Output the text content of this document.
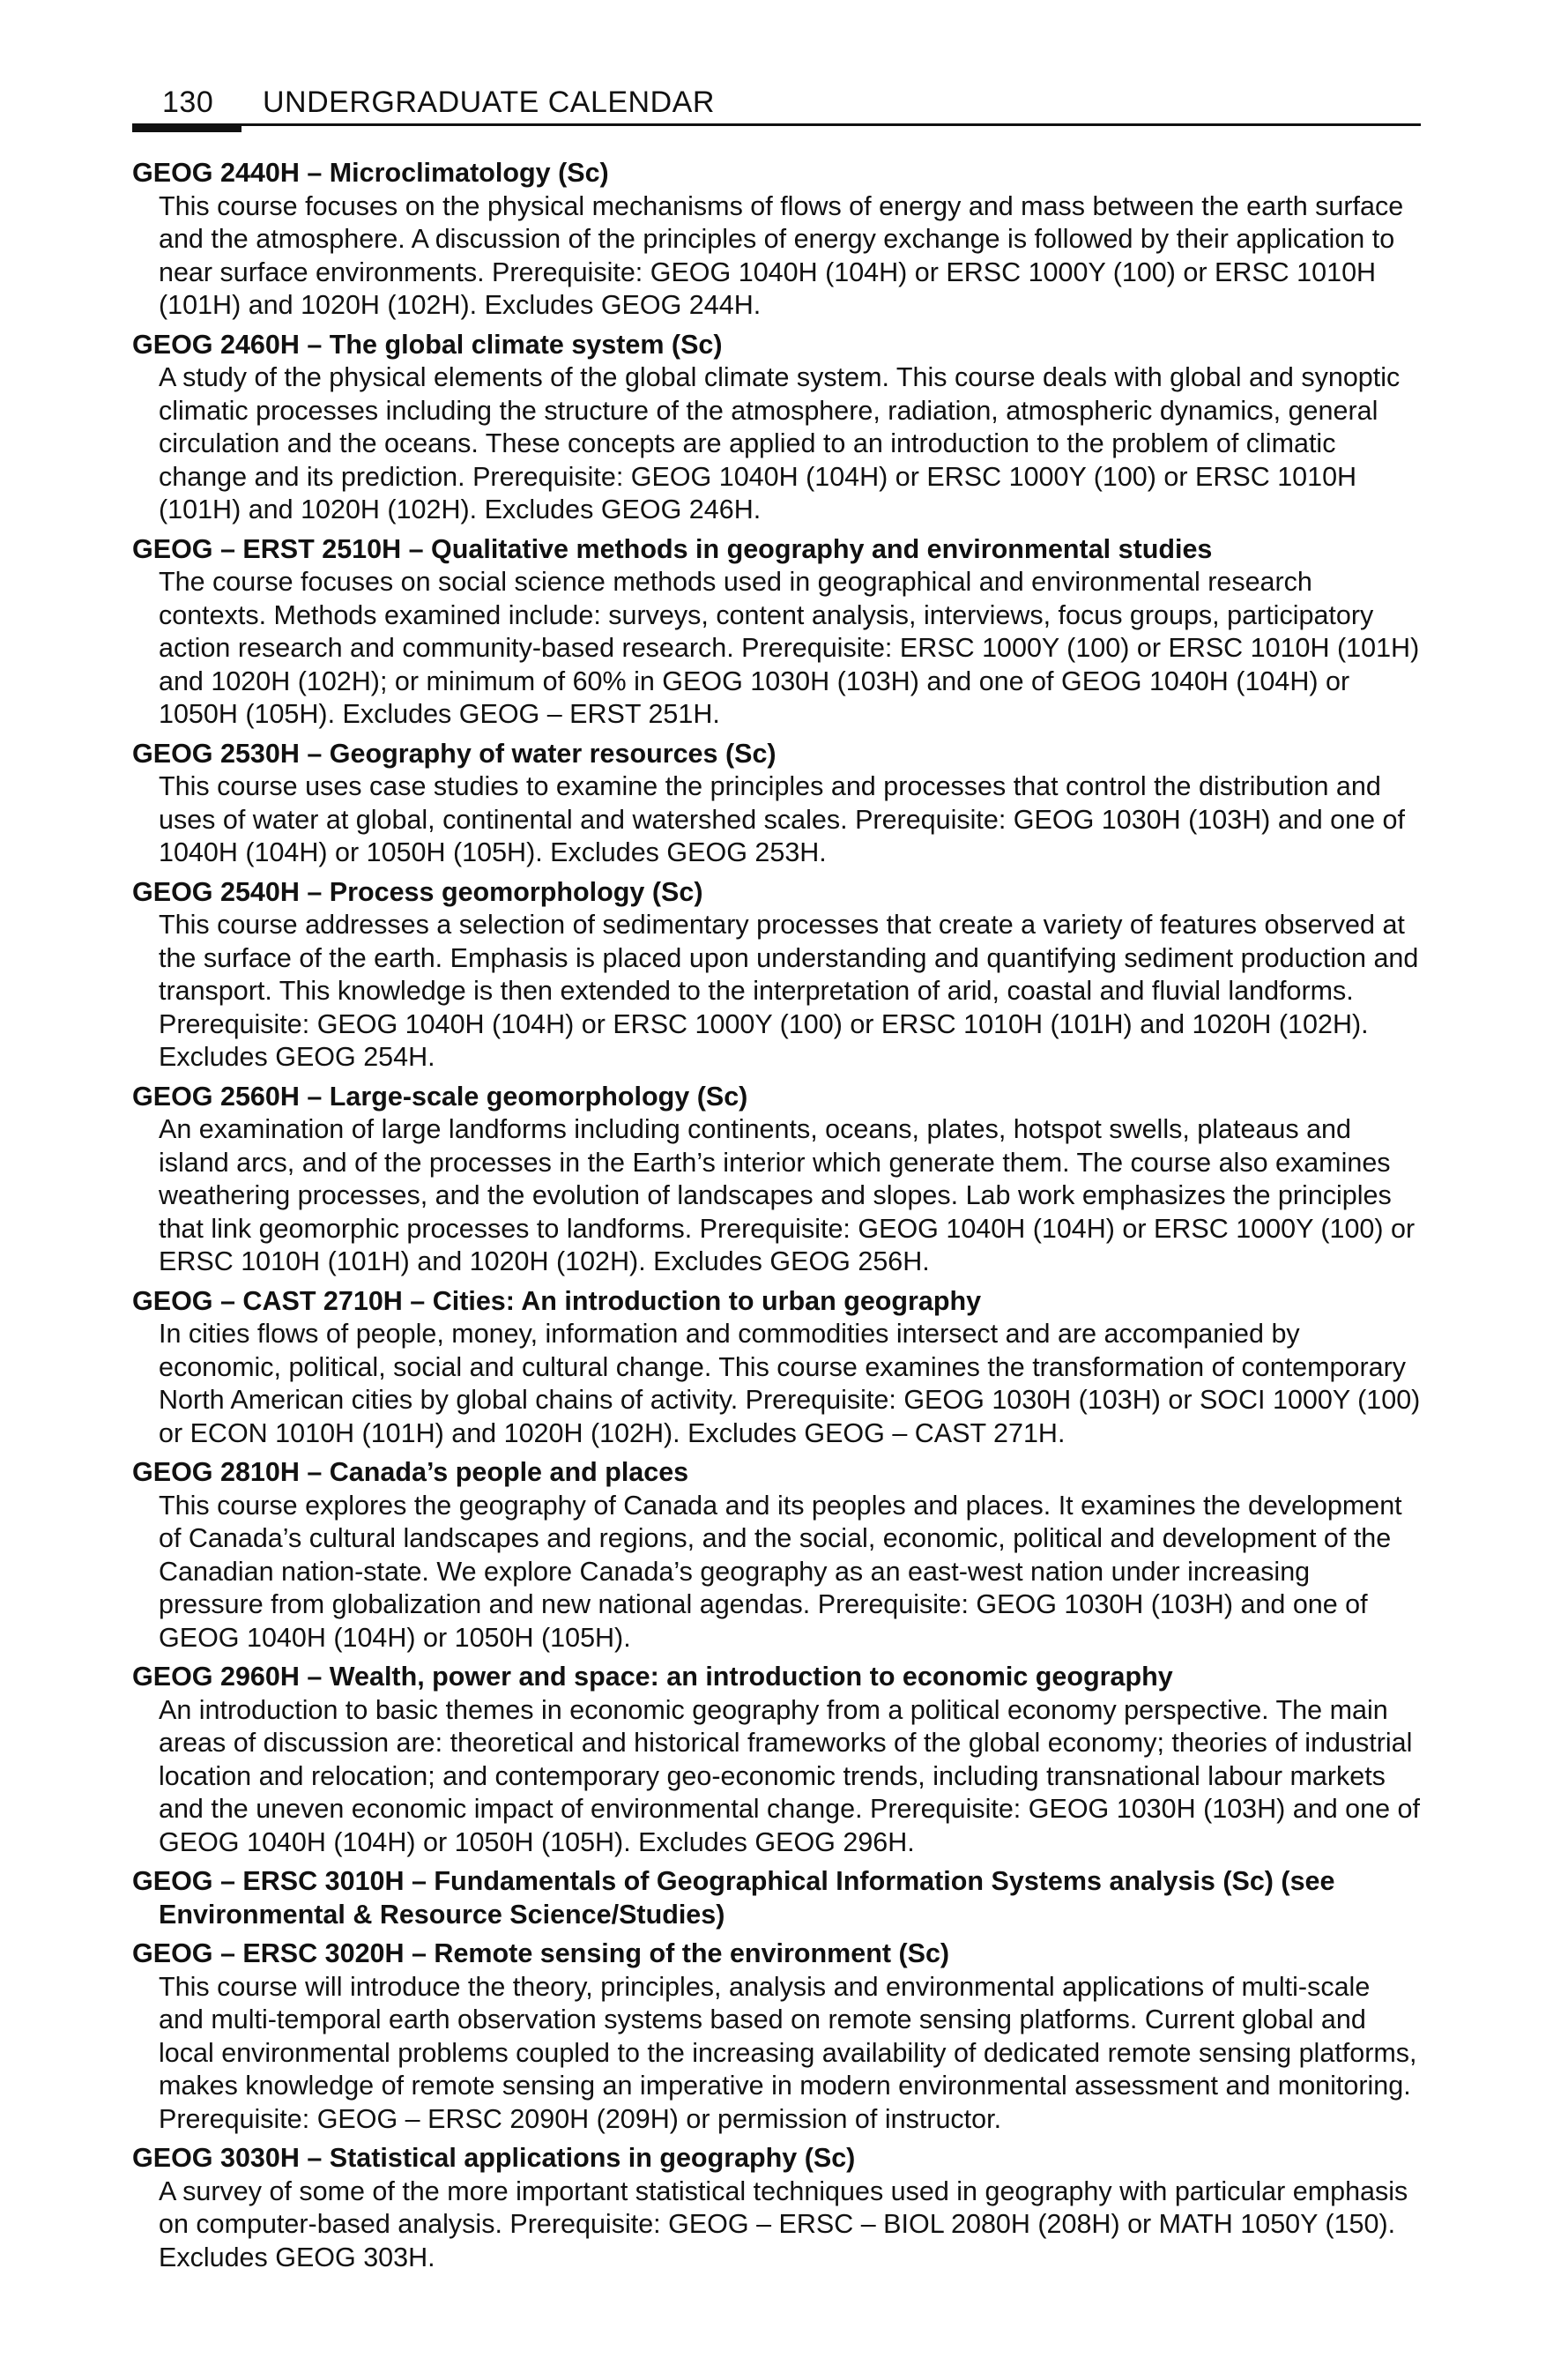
130 UNDERGRADUATE CALENDAR

GEOG 2440H – Microclimatology (Sc)

This course focuses on the physical mechanisms of flows of energy and mass between the earth surface and the atmosphere. A discussion of the principles of energy exchange is followed by their application to near surface environments. Prerequisite: GEOG 1040H (104H) or ERSC 1000Y (100) or ERSC 1010H (101H) and 1020H (102H). Excludes GEOG 244H.

GEOG 2460H – The global climate system (Sc)

A study of the physical elements of the global climate system. This course deals with global and synoptic climatic processes including the structure of the atmosphere, radiation, atmospheric dynamics, general circulation and the oceans. These concepts are applied to an introduction to the problem of climatic change and its prediction. Prerequisite: GEOG 1040H (104H) or ERSC 1000Y (100) or ERSC 1010H (101H) and 1020H (102H). Excludes GEOG 246H.

GEOG – ERST 2510H – Qualitative methods in geography and environmental studies

The course focuses on social science methods used in geographical and environmental research contexts. Methods examined include: surveys, content analysis, interviews, focus groups, participatory action research and community-based research. Prerequisite: ERSC 1000Y (100) or ERSC 1010H (101H) and 1020H (102H); or minimum of 60% in GEOG 1030H (103H) and one of GEOG 1040H (104H) or 1050H (105H). Excludes GEOG – ERST 251H.

GEOG 2530H – Geography of water resources (Sc)

This course uses case studies to examine the principles and processes that control the distribution and uses of water at global, continental and watershed scales. Prerequisite: GEOG 1030H (103H) and one of 1040H (104H) or 1050H (105H). Excludes GEOG 253H.

GEOG 2540H – Process geomorphology (Sc)

This course addresses a selection of sedimentary processes that create a variety of features observed at the surface of the earth. Emphasis is placed upon understanding and quantifying sediment production and transport. This knowledge is then extended to the interpretation of arid, coastal and fluvial landforms. Prerequisite: GEOG 1040H (104H) or ERSC 1000Y (100) or ERSC 1010H (101H) and 1020H (102H). Excludes GEOG 254H.

GEOG 2560H – Large-scale geomorphology (Sc)

An examination of large landforms including continents, oceans, plates, hotspot swells, plateaus and island arcs, and of the processes in the Earth’s interior which generate them. The course also examines weathering processes, and the evolution of landscapes and slopes. Lab work emphasizes the principles that link geomorphic processes to landforms. Prerequisite: GEOG 1040H (104H) or ERSC 1000Y (100) or ERSC 1010H (101H) and 1020H (102H). Excludes GEOG 256H.

GEOG – CAST 2710H – Cities: An introduction to urban geography

In cities flows of people, money, information and commodities intersect and are accompanied by economic, political, social and cultural change. This course examines the transformation of contemporary North American cities by global chains of activity. Prerequisite: GEOG 1030H (103H) or SOCI 1000Y (100) or ECON 1010H (101H) and 1020H (102H). Excludes GEOG – CAST 271H.

GEOG 2810H – Canada’s people and places

This course explores the geography of Canada and its peoples and places. It examines the development of Canada’s cultural landscapes and regions, and the social, economic, political and development of the Canadian nation-state. We explore Canada’s geography as an east-west nation under increasing pressure from globalization and new national agendas. Prerequisite: GEOG 1030H (103H) and one of GEOG 1040H (104H) or 1050H (105H).

GEOG 2960H – Wealth, power and space: an introduction to economic geography

An introduction to basic themes in economic geography from a political economy perspective. The main areas of discussion are: theoretical and historical frameworks of the global economy; theories of industrial location and relocation; and contemporary geo-economic trends, including transnational labour markets and the uneven economic impact of environmental change. Prerequisite: GEOG 1030H (103H) and one of GEOG 1040H (104H) or 1050H (105H). Excludes GEOG 296H.

GEOG – ERSC 3010H – Fundamentals of Geographical Information Systems analysis (Sc) (see Environmental & Resource Science/Studies)

GEOG – ERSC 3020H – Remote sensing of the environment (Sc)

This course will introduce the theory, principles, analysis and environmental applications of multi-scale and multi-temporal earth observation systems based on remote sensing platforms. Current global and local environmental problems coupled to the increasing availability of dedicated remote sensing platforms, makes knowledge of remote sensing an imperative in modern environmental assessment and monitoring. Prerequisite: GEOG – ERSC 2090H (209H) or permission of instructor.

GEOG 3030H – Statistical applications in geography (Sc)

A survey of some of the more important statistical techniques used in geography with particular emphasis on computer-based analysis. Prerequisite: GEOG – ERSC – BIOL 2080H (208H) or MATH 1050Y (150). Excludes GEOG 303H.
